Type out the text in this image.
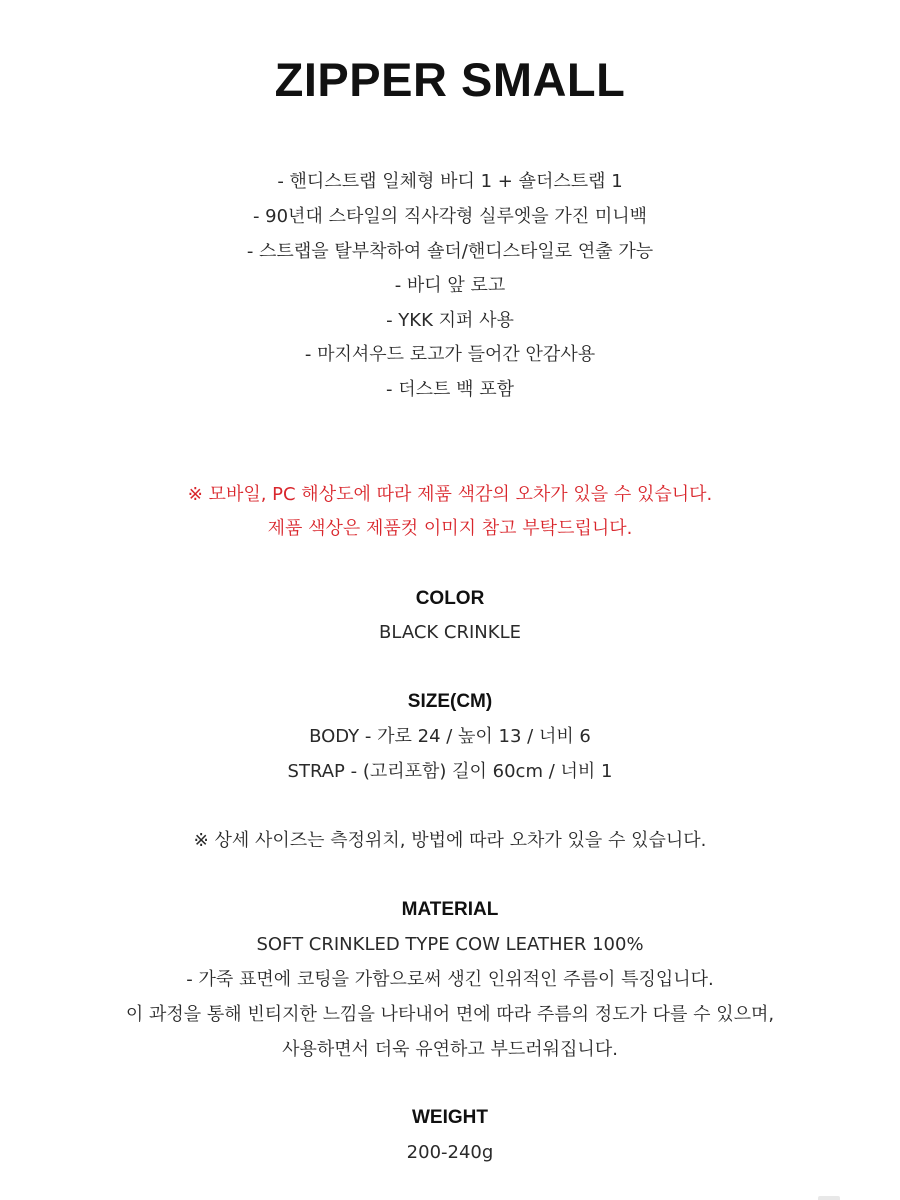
ZIPPER SMALL
- 핸디스트랩 일체형 바디 1 + 숄더스트랩 1
- 90년대 스타일의 직사각형 실루엣을 가진 미니백
- 스트랩을 탈부착하여 숄더/핸디스타일로 연출 가능
- 바디 앞 로고
- YKK 지퍼 사용
- 마지셔우드 로고가 들어간 안감사용
- 더스트 백 포함
※ 모바일, PC 해상도에 따라 제품 색감의 오차가 있을 수 있습니다.
제품 색상은 제품컷 이미지 참고 부탁드립니다.
COLOR
BLACK CRINKLE
SIZE(CM)
BODY - 가로 24 / 높이 13 / 너비 6
STRAP - (고리포함) 길이 60cm / 너비 1
※ 상세 사이즈는 측정위치, 방법에 따라 오차가 있을 수 있습니다.
MATERIAL
SOFT CRINKLED TYPE COW LEATHER 100%
- 가죽 표면에 코팅을 가함으로써 생긴 인위적인 주름이 특징입니다.
이 과정을 통해 빈티지한 느낌을 나타내어 면에 따라 주름의 정도가 다를 수 있으며,
사용하면서 더욱 유연하고 부드러워집니다.
WEIGHT
200-240g
